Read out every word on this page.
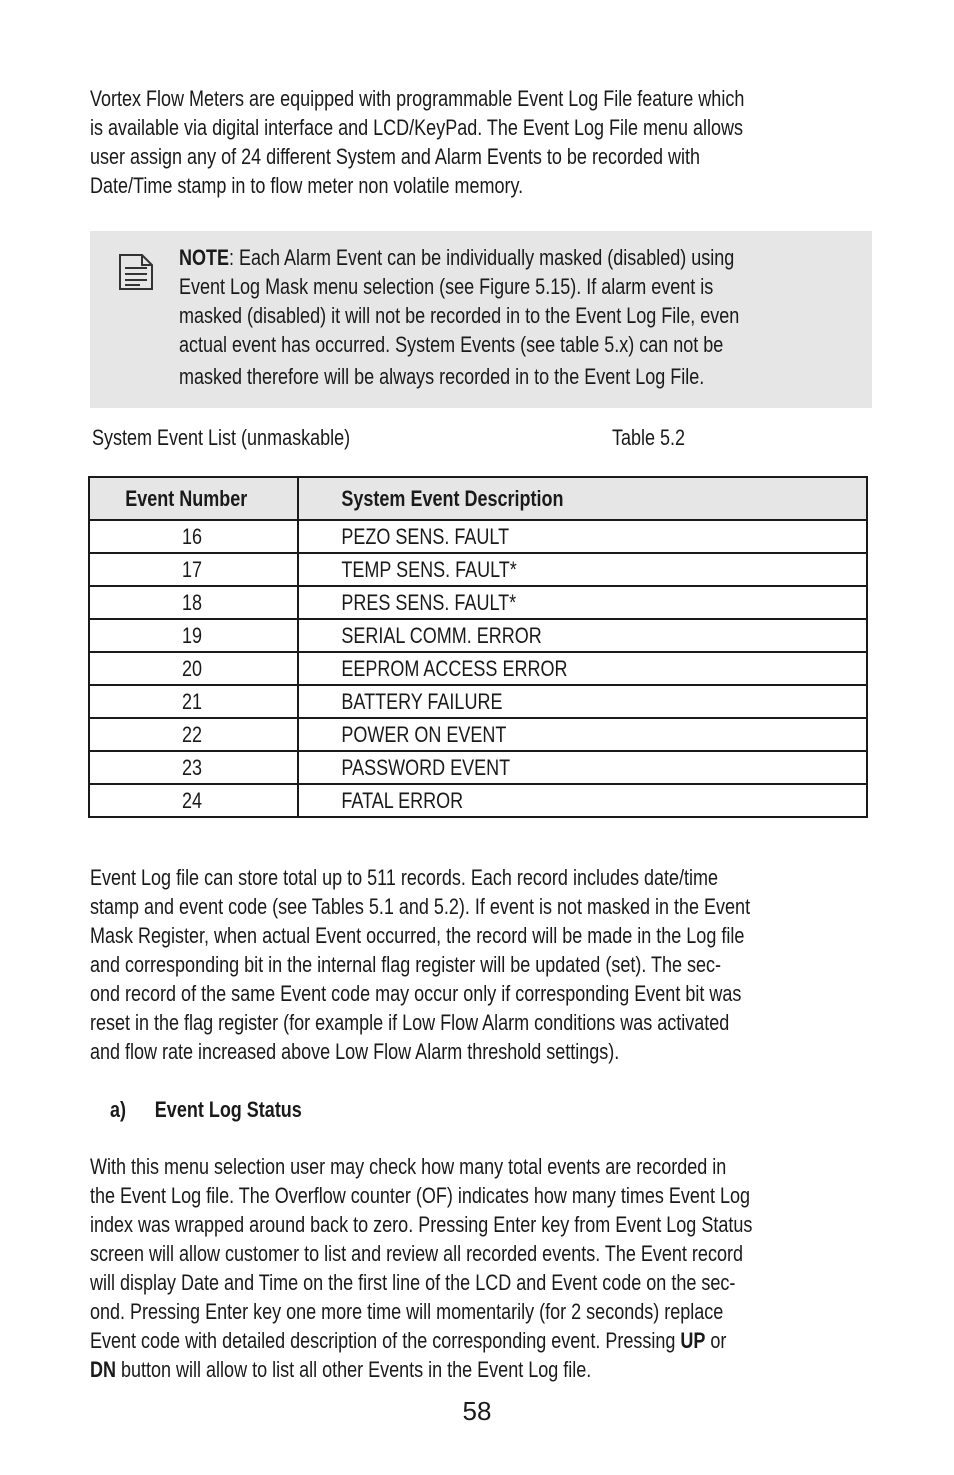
Vortex Flow Meters are equipped with programmable Event Log File feature which
is available via digital interface and LCD/KeyPad. The Event Log File menu allows
user assign any of 24 different System and Alarm Events to be recorded with
Date/Time stamp in to flow meter non volatile memory.
NOTE: Each Alarm Event can be individually masked (disabled) using
Event Log Mask menu selection (see Figure 5.15). If alarm event is
masked (disabled) it will not be recorded in to the Event Log File, even
actual event has occurred. System Events (see table 5.x) can not be
masked therefore will be always recorded in to the Event Log File.
System Event List (unmaskable)	Table 5.2
Event Number	System Event Description

16	PEZO SENS. FAULT

17	TEMP SENS. FAULT*

18	PRES SENS. FAULT*

19	SERIAL COMM. ERROR

20	EEPROM ACCESS ERROR

21	BATTERY FAILURE

22	POWER ON EVENT

23	PASSWORD EVENT

24	FATAL ERROR
Event Log file can store total up to 511 records. Each record includes date/time
stamp and event code (see Tables 5.1 and 5.2). If event is not masked in the Event
Mask Register, when actual Event occurred, the record will be made in the Log file
and corresponding bit in the internal flag register will be updated (set). The sec-
ond record of the same Event code may occur only if corresponding Event bit was
reset in the flag register (for example if Low Flow Alarm conditions was activated
and flow rate increased above Low Flow Alarm threshold settings).
a) Event Log Status
With this menu selection user may check how many total events are recorded in
the Event Log file. The Overflow counter (OF) indicates how many times Event Log
index was wrapped around back to zero. Pressing Enter key from Event Log Status
screen will allow customer to list and review all recorded events. The Event record
will display Date and Time on the first line of the LCD and Event code on the sec-
ond. Pressing Enter key one more time will momentarily (for 2 seconds) replace
Event code with detailed description of the corresponding event. Pressing UP or
DN button will allow to list all other Events in the Event Log file.
58
